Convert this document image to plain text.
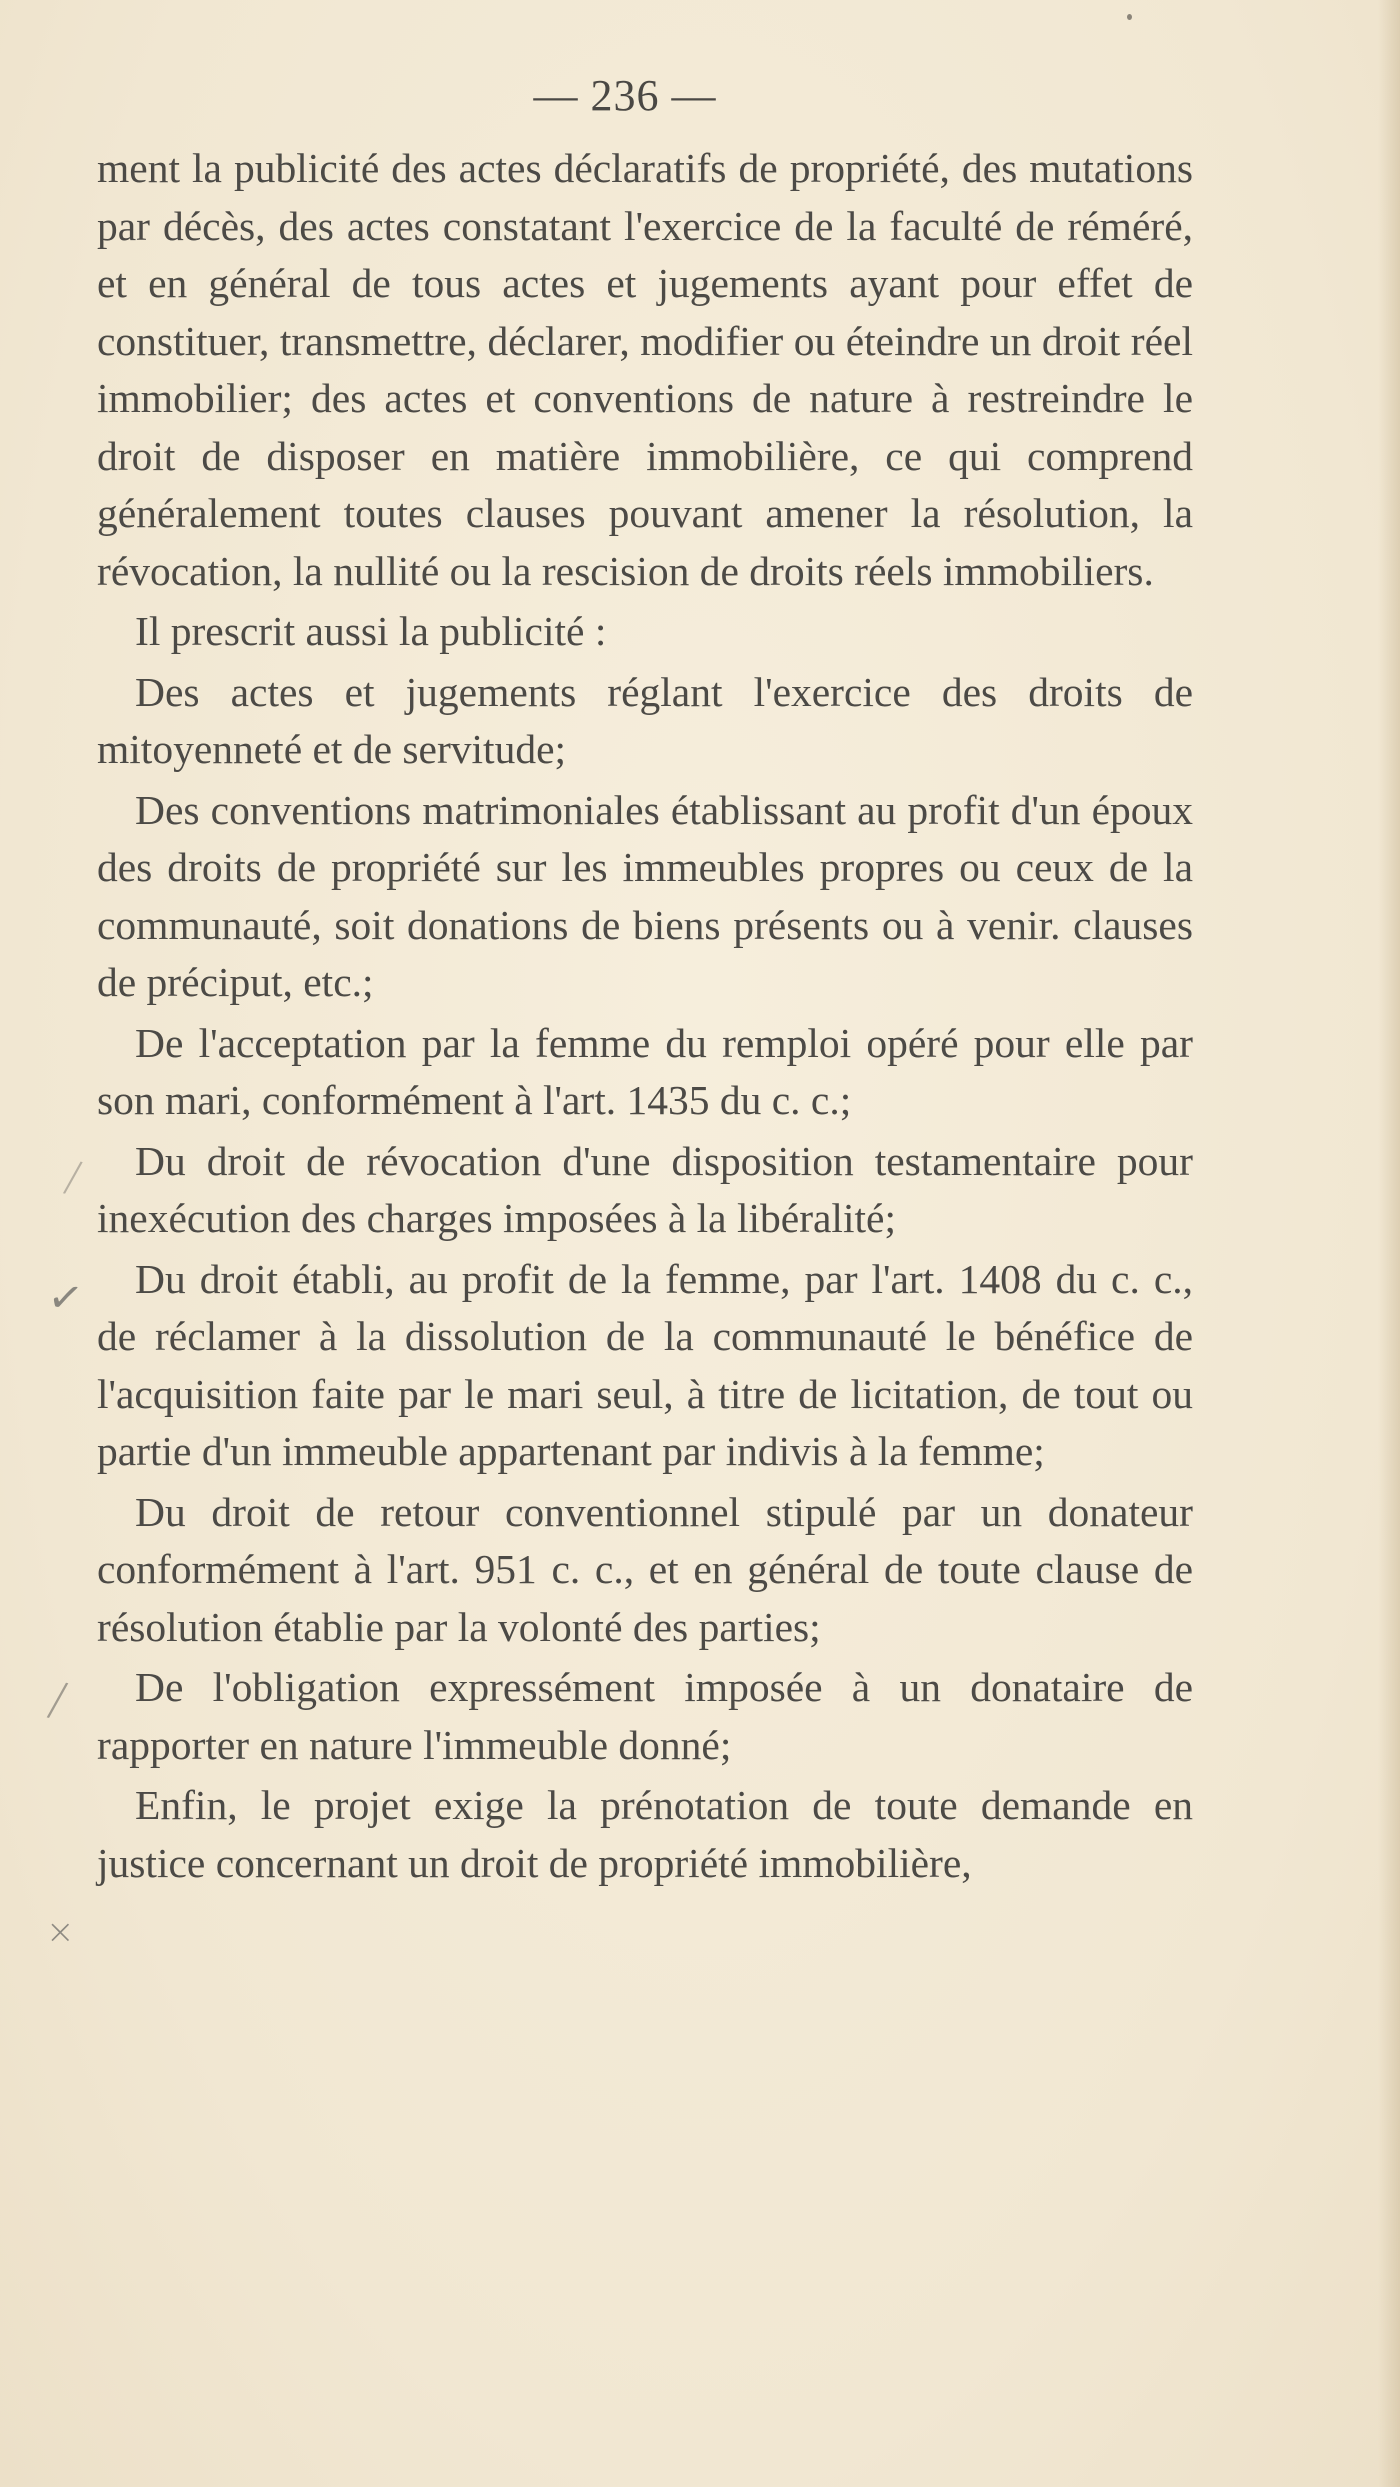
— 236 —

ment la publicité des actes déclaratifs de propriété, des mutations par décès, des actes constatant l'exercice de la faculté de réméré, et en général de tous actes et jugements ayant pour effet de constituer, transmettre, déclarer, modifier ou éteindre un droit réel immobilier; des actes et conventions de nature à restreindre le droit de disposer en matière immobilière, ce qui comprend généralement toutes clauses pouvant amener la résolution, la révocation, la nullité ou la rescision de droits réels immobiliers.

Il prescrit aussi la publicité :

Des actes et jugements réglant l'exercice des droits de mitoyenneté et de servitude;

Des conventions matrimoniales établissant au profit d'un époux des droits de propriété sur les immeubles propres ou ceux de la communauté, soit donations de biens présents ou à venir. clauses de préciput, etc.;

De l'acceptation par la femme du remploi opéré pour elle par son mari, conformément à l'art. 1435 du c. c.;

Du droit de révocation d'une disposition testamentaire pour inexécution des charges imposées à la libéralité;

Du droit établi, au profit de la femme, par l'art. 1408 du c. c., de réclamer à la dissolution de la communauté le bénéfice de l'acquisition faite par le mari seul, à titre de licitation, de tout ou partie d'un immeuble appartenant par indivis à la femme;

Du droit de retour conventionnel stipulé par un donateur conformément à l'art. 951 c. c., et en général de toute clause de résolution établie par la volonté des parties;

De l'obligation expressément imposée à un donataire de rapporter en nature l'immeuble donné;

Enfin, le projet exige la prénotation de toute demande en justice concernant un droit de propriété immobilière,

/
✓
/
×
